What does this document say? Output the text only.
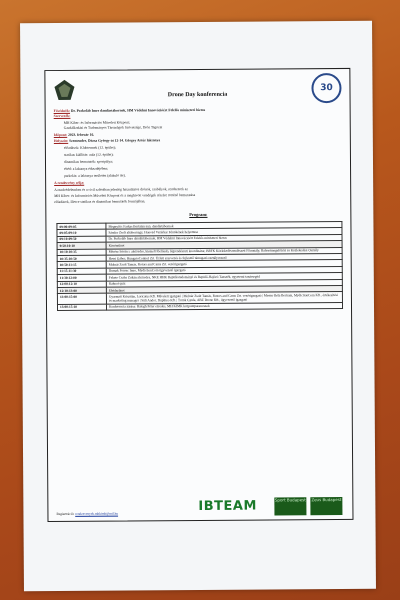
30
Drone Day konferencia
Fővédnök: Dr. Porkoláb Imre dandártábornok, HM Védelmi Innovációért Felelős miniszteri biztos
Szervezők:
MH Kiber- és Információs Műveleti Központ;
Gazdálkodási és Tudományos Társaságok Szövetsége, Drón Tagozat
Időpont: 2023. február 16.
Helyszín: Szentendre, Dózsa György út 12-14. Görgey Artúr laktanya
előadások: Klubtermek (12. épület);
statikus kiállítás: aula (12. épület);
dinamikus bemutatók: sportpálya;
ebéd: a laktanya étkezdéjében;
parkolás: a laktanya területén (alakuló tér).
A rendezvény célja:
A rendvédelemben és a civil szférában jelenleg használatos drónok, szabályok, rendszerek az
MH Kiber- és Információs Műveleti Központ és a meghívott vendégek részére történő bemutatása
előadások, illetve statikus és dinamikus bemutatók formájában.
Program:
09:00-09:05	Megnyitó: Farkas Bertalan nyá. dandártábornok
09:05-09:10	Sándor Zsolt altábornagy, Honvéd Vezérkar Főnökének helyettese
09:10-09:50	Dr. Porkoláb Imre dandártábornok, HM Védelmi Innovációért Felelős miniszteri biztos
9:50-10:10	Kávészünet
10:10-10:35	Mérész István r. alezredes, kiemelt főelőadó, légrendészeti koordinátor, BRFK Közlekedésrendészeti Főosztály, Balesetmegelőzési és Közlekedési Osztály
10:35-10:50	Hetei Gábor, HungaroControl Zrt. Üzleti szervezés és fejlesztő támogató osztályvezető
10:50-11:15	Molnár Zsolt Tamás, Rotors and Cams Zrt. vezérigazgató
11:15-11:30	Dumak Ferenc Imre, MydictionCom ügyvezető igazgató
11:30-12:00	Fekete Csaba Zoltán alezredes, NKE HHK Repüléstudományi és Repülő-Hajózó Tanszék, egyetemi tanársegéd
12:00-12:10	Kahoot quiz
12:10-13:00	Ebédszünet
13:00-15:00	Gyarmati Krisztián, Loricatus Kft. Műveleti igazgató | Molnár Zsolt Tamás, Rotors and Cams Zrt. vezérigazgató | Mester Béla Bertram, MydictionCom Kft., értékesítési és marketing manager | Süli Andor, Dupliteo Kft. | Török Gyula, ABZ Drone Kft., ügyvezető igazgató
15:00-15:10	Konferencia zárása: Balogh Péter ezredes, MH KIMK központparancsnok
Regisztráció: rendezvenyek.mhkimk@mil.hu
IBTEAM	Sport Budapest Zeus Budapest
